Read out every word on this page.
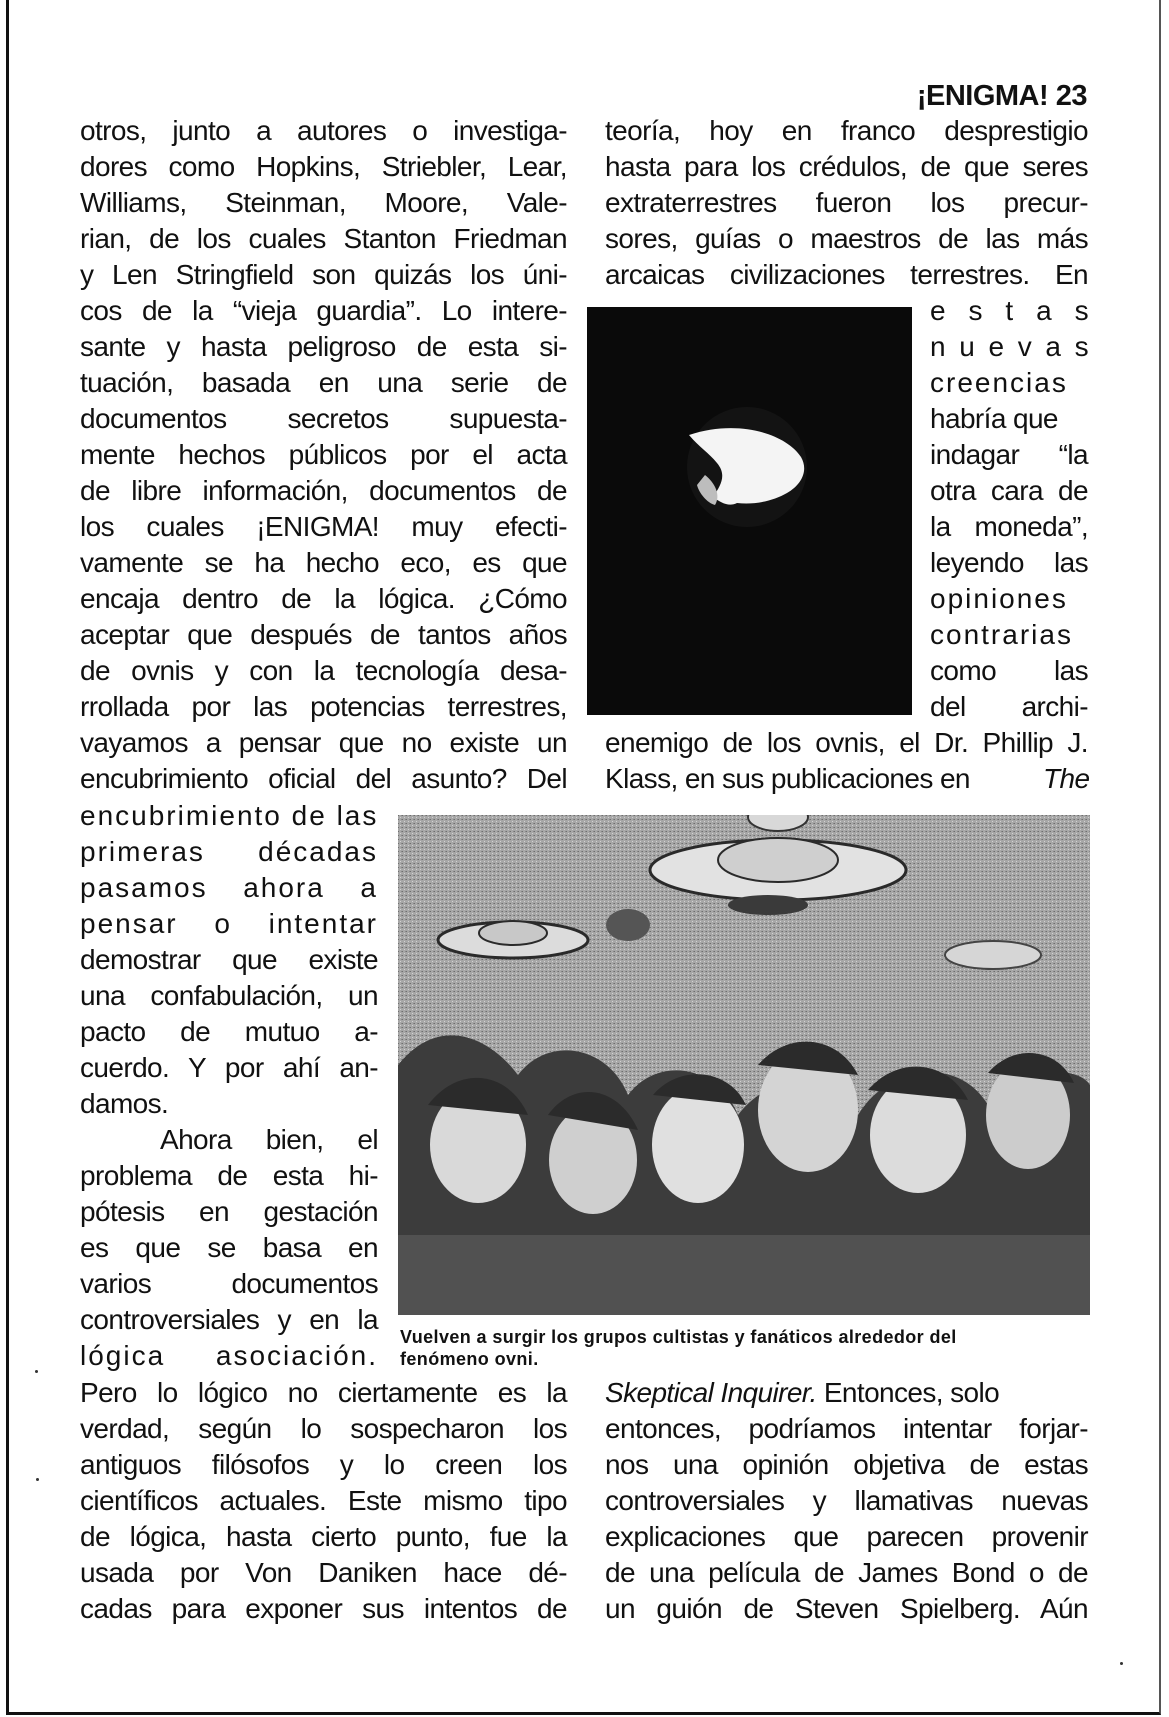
¡ENIGMA! 23
otros, junto a autores o investiga-
dores como Hopkins, Striebler, Lear,
Williams, Steinman, Moore, Vale-
rian, de los cuales Stanton Friedman
y Len Stringfield son quizás los úni-
cos de la “vieja guardia”. Lo intere-
sante y hasta peligroso de esta si-
tuación, basada en una serie de
documentos secretos supuesta-
mente hechos públicos por el acta
de libre información, documentos de
los cuales ¡ENIGMA! muy efecti-
vamente se ha hecho eco, es que
encaja dentro de la lógica. ¿Cómo
aceptar que después de tantos años
de ovnis y con la tecnología desa-
rrollada por las potencias terrestres,
vayamos a pensar que no existe un
encubrimiento oficial del asunto? Del
encubrimiento de las
primeras décadas
pasamos ahora a
pensar o intentar
demostrar que existe
una confabulación, un
pacto de mutuo a-
cuerdo. Y por ahí an-
damos.
Ahora bien, el
problema de esta hi-
pótesis en gestación
es que se basa en
varios documentos
controversiales y en la
lógica asociación.
Pero lo lógico no ciertamente es la
verdad, según lo sospecharon los
antiguos filósofos y lo creen los
científicos actuales. Este mismo tipo
de lógica, hasta cierto punto, fue la
usada por Von Daniken hace dé-
cadas para exponer sus intentos de
teoría, hoy en franco desprestigio
hasta para los crédulos, de que seres
extraterrestres fueron los precur-
sores, guías o maestros de las más
arcaicas civilizaciones terrestres. En
e s t a s
n u e v a s
creencias
habría que
indagar “la
otra cara de
la moneda”,
leyendo las
opiniones
contrarias
como las
del archi-
enemigo de los ovnis, el Dr. Phillip J.
Klass, en sus publicaciones en	The
Vuelven a surgir los grupos cultistas y fanáticos alrededor del
fenómeno ovni.
Skeptical Inquirer. Entonces, solo
entonces, podríamos intentar forjar-
nos una opinión objetiva de estas
controversiales y llamativas nuevas
explicaciones que parecen provenir
de una película de James Bond o de
un guión de Steven Spielberg. Aún
